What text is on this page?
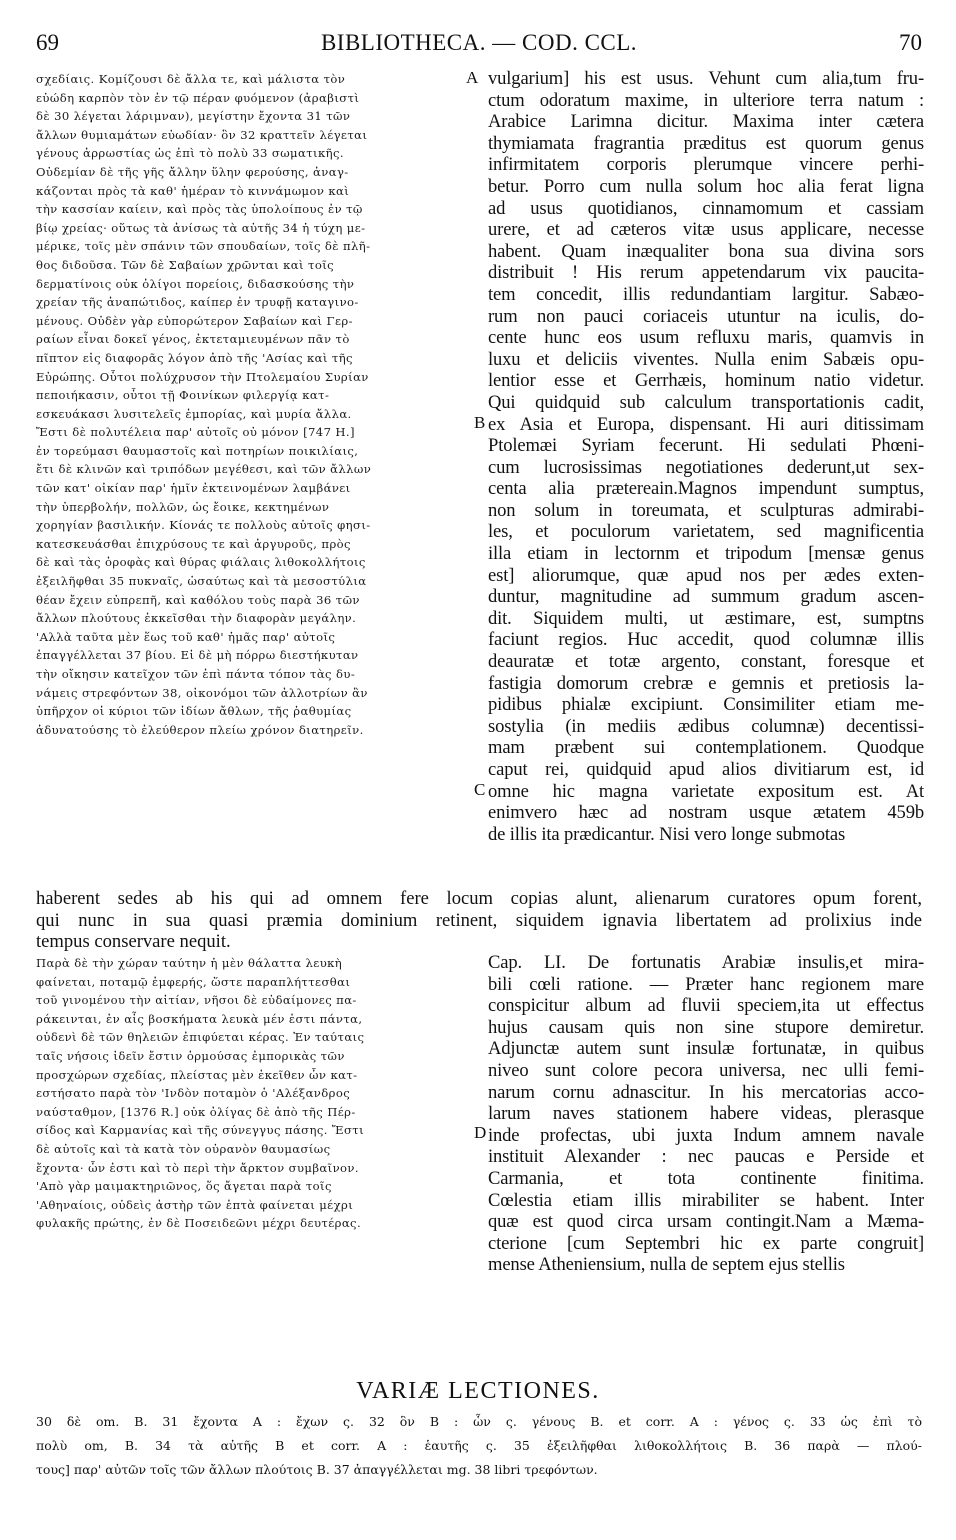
69	BIBLIOTHECA. — COD. CCL.	70
σχεδίαις. Κομίζουσι δὲ ἄλλα τε, καὶ μάλιστα τὸν
εὐώδη καρπὸν τὸν ἐν τῷ πέραν φυόμενον (ἀραβιστὶ
δὲ 30 λέγεται λάριμναν), μεγίστην ἔχοντα 31 τῶν
ἄλλων θυμιαμάτων εὐωδίαν· ὃν 32 κραττεῖν λέγεται
γένους ἀρρωστίας ὡς ἐπὶ τὸ πολὺ 33 σωματικῆς.
Οὐδεμίαν δὲ τῆς γῆς ἄλλην ὕλην φερούσης, ἀναγ-
κάζονται πρὸς τὰ καθ' ἡμέραν τὸ κιννάμωμον καὶ
τὴν κασσίαν καίειν, καὶ πρὸς τὰς ὑπολοίπους ἐν τῷ
βίῳ χρείας· οὕτως τὰ ἀνίσως τὰ αὐτῆς 34 ἡ τύχη με-
μέρικε, τοῖς μὲν σπάνιν τῶν σπουδαίων, τοῖς δὲ πλῆ-
θος διδοῦσα. Τῶν δὲ Σαβαίων χρῶνται καὶ τοῖς
δερματίνοις οὐκ ὀλίγοι πορείοις, διδασκούσης τὴν
χρείαν τῆς ἀναπώτιδος, καίπερ ἐν τρυφῇ καταγινο-
μένους. Οὐδὲν γὰρ εὐπορώτερον Σαβαίων καὶ Γερ-
ραίων εἶναι δοκεῖ γένος, ἐκτεταμιευμένων πᾶν τὸ
πῖπτον εἰς διαφορᾶς λόγον ἀπὸ τῆς 'Ασίας καὶ τῆς
Εὐρώπης. Οὗτοι πολύχρυσον τὴν Πτολεμαίου Συρίαν
πεποιήκασιν, οὗτοι τῇ Φοινίκων φιλεργίᾳ κατ-
εσκευάκασι λυσιτελεῖς ἐμπορίας, καὶ μυρία ἄλλα.
Ἔστι δὲ πολυτέλεια παρ' αὐτοῖς οὐ μόνον [747 H.]
ἐν τορεύμασι θαυμαστοῖς καὶ ποτηρίων ποικιλίαις,
ἔτι δὲ κλινῶν καὶ τριπόδων μεγέθεσι, καὶ τῶν ἄλλων
τῶν κατ' οἰκίαν παρ' ἡμῖν ἐκτεινομένων λαμβάνει
τὴν ὑπερβολήν, πολλῶν, ὡς ἔοικε, κεκτημένων
χορηγίαν βασιλικήν. Κίονάς τε πολλοὺς αὐτοῖς φησι-
κατεσκευάσθαι ἐπιχρύσους τε καὶ ἀργυροῦς, πρὸς
δὲ καὶ τὰς ὀροφὰς καὶ θύρας φιάλαις λιθοκολλήτοις
ἐξειλῆφθαι 35 πυκναῖς, ὡσαύτως καὶ τὰ μεσοστύλια
θέαν ἔχειν εὐπρεπῆ, καὶ καθόλου τοὺς παρὰ 36 τῶν
ἄλλων πλούτους ἐκκεῖσθαι τὴν διαφορὰν μεγάλην.
'Αλλὰ ταῦτα μὲν ἕως τοῦ καθ' ἡμᾶς παρ' αὐτοῖς
ἐπαγγέλλεται 37 βίου. Εἰ δὲ μὴ πόρρω διεστήκυταν
τὴν οἴκησιν κατεῖχον τῶν ἐπὶ πάντα τόπον τὰς δυ-
νάμεις στρεφόντων 38, οἰκονόμοι τῶν ἀλλοτρίων ἂν
ὑπῆρχον οἱ κύριοι τῶν ἰδίων ἄθλων, τῆς ῥαθυμίας
ἀδυνατούσης τὸ ἐλεύθερον πλείω χρόνον διατηρεῖν.
vulgarium] his est usus. Vehunt cum alia,tum fru-
ctum odoratum maxime, in ulteriore terra natum :
Arabice Larimna dicitur. Maxima inter cætera
thymiamata fragrantia præditus est quorum genus
infirmitatem corporis plerumque vincere perhi-
betur. Porro cum nulla solum hoc alia ferat ligna
ad usus quotidianos, cinnamomum et cassiam
urere, et ad cæteros vitæ usus applicare, necesse
habent. Quam inæqualiter bona sua divina sors
distribuit ! His rerum appetendarum vix paucita-
tem concedit, illis redundantiam largitur. Sabæo-
rum non pauci coriaceis utuntur na iculis, do-
cente hunc eos usum refluxu maris, quamvis in
luxu et deliciis viventes. Nulla enim Sabæis opu-
lentior esse et Gerrhæis, hominum natio videtur.
Qui quidquid sub calculum transportationis cadit,
ex Asia et Europa, dispensant. Hi auri ditissimam
Ptolemæi Syriam fecerunt. Hi sedulati Phœni-
cum lucrosissimas negotiationes dederunt,ut sex-
centa alia prætereain.Magnos impendunt sumptus,
non solum in toreumata, et sculpturas admirabi-
les, et poculorum varietatem, sed magnificentia
illa etiam in lectornm et tripodum [mensæ genus
est] aliorumque, quæ apud nos per ædes exten-
duntur, magnitudine ad summum gradum ascen-
dit. Siquidem multi, ut æstimare, est, sumptns
faciunt regios. Huc accedit, quod columnæ illis
deauratæ et totæ argento, constant, foresque et
fastigia domorum crebræ e gemnis et pretiosis la-
pidibus phialæ excipiunt. Consimiliter etiam me-
sostylia (in mediis ædibus columnæ) decentissi-
mam præbent sui contemplationem. Quodque
caput rei, quidquid apud alios divitiarum est, id
omne hic magna varietate expositum est. At
enimvero hæc ad nostram usque ætatem 459b
de illis ita prædicantur. Nisi vero longe submotas
A
B
C
D
haberent sedes ab his qui ad omnem fere locum copias alunt, alienarum curatores opum forent,
qui nunc in sua quasi præmia dominium retinent, siquidem ignavia libertatem ad prolixius inde
tempus conservare nequit.
Παρὰ δὲ τὴν χώραν ταύτην ἡ μὲν θάλαττα λευκὴ
φαίνεται, ποταμῷ ἐμφερής, ὥστε παραπλήττεσθαι
τοῦ γινομένου τὴν αἰτίαν, νῆσοι δὲ εὐδαίμονες πα-
ράκεινται, ἐν αἷς βοσκήματα λευκὰ μέν ἐστι πάντα,
οὐδενὶ δὲ τῶν θηλειῶν ἐπιφύεται κέρας. Ἐν ταύταις
ταῖς νήσοις ἰδεῖν ἔστιν ὁρμούσας ἐμπορικὰς τῶν
προσχώρων σχεδίας, πλείστας μὲν ἐκεῖθεν ὧν κατ-
εστήσατο παρὰ τὸν 'Ινδὸν ποταμὸν ὁ 'Αλέξανδρος
ναύσταθμον, [1376 R.] οὐκ ὀλίγας δὲ ἀπὸ τῆς Πέρ-
σίδος καὶ Καρμανίας καὶ τῆς σύνεγγυς πάσης. Ἔστι
δὲ αὐτοῖς καὶ τὰ κατὰ τὸν οὐρανὸν θαυμασίως
ἔχοντα· ὧν ἐστι καὶ τὸ περὶ τὴν ἄρκτον συμβαῖνον.
'Απὸ γὰρ μαιμακτηριῶνος, ὅς ἄγεται παρὰ τοῖς
'Αθηναίοις, οὐδεὶς ἀστὴρ τῶν ἑπτὰ φαίνεται μέχρι
φυλακῆς πρώτης, ἐν δὲ Ποσειδεῶνι μέχρι δευτέρας.
Cap. LI. De fortunatis Arabiæ insulis,et mira-
bili cœli ratione. — Præter hanc regionem mare
conspicitur album ad fluvii speciem,ita ut effectus
hujus causam quis non sine stupore demiretur.
Adjunctæ autem sunt insulæ fortunatæ, in quibus
niveo sunt colore pecora universa, nec ulli femi-
narum cornu adnascitur. In his mercatorias acco-
larum naves stationem habere videas, plerasque
inde profectas, ubi juxta Indum amnem navale
instituit Alexander : nec paucas e Perside et
Carmania, et tota continente finitima.
Cœlestia etiam illis mirabiliter se habent. Inter
quæ est quod circa ursam contingit.Nam a Mæma-
cterione [cum Septembri hic ex parte congruit]
mense Atheniensium, nulla de septem ejus stellis
VARIÆ LECTIONES.
30 δὲ om. B. 31 ἔχοντα A : ἔχων ς. 32 ὃν B : ὧν ς. γένους B. et corr. A : γένος ς. 33 ὡς ἐπὶ τὸ
πολὺ om, B. 34 τὰ αὐτῆς B et corr. A : ἑαυτῆς ς. 35 ἐξειλῆφθαι λιθοκολλήτοις B. 36 παρὰ — πλού-
τους] παρ' αὐτῶν τοῖς τῶν ἄλλων πλούτοις B. 37 ἀπαγγέλλεται mg. 38 libri τρεφόντων.
